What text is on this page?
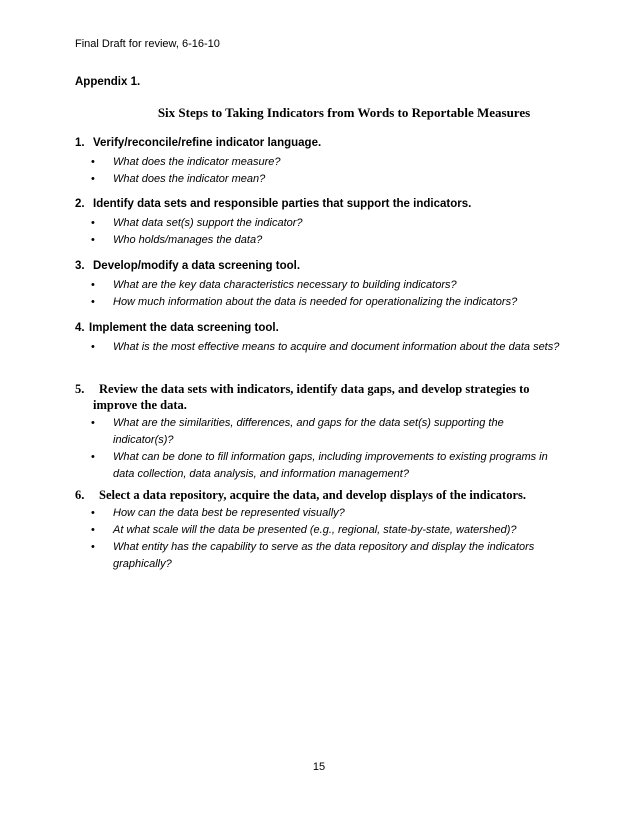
Final Draft for review, 6-16-10
Appendix 1.
Six Steps to Taking Indicators from Words to Reportable Measures
1. Verify/reconcile/refine indicator language.
• What does the indicator measure?
• What does the indicator mean?
2. Identify data sets and responsible parties that support the indicators.
• What data set(s) support the indicator?
• Who holds/manages the data?
3. Develop/modify a data screening tool.
• What are the key data characteristics necessary to building indicators?
• How much information about the data is needed for operationalizing the indicators?
4. Implement the data screening tool.
• What is the most effective means to acquire and document information about the data sets?
5. Review the data sets with indicators, identify data gaps, and develop strategies to improve the data.
• What are the similarities, differences, and gaps for the data set(s) supporting the indicator(s)?
• What can be done to fill information gaps, including improvements to existing programs in data collection, data analysis, and information management?
6. Select a data repository, acquire the data, and develop displays of the indicators.
• How can the data best be represented visually?
• At what scale will the data be presented (e.g., regional, state-by-state, watershed)?
• What entity has the capability to serve as the data repository and display the indicators graphically?
15
